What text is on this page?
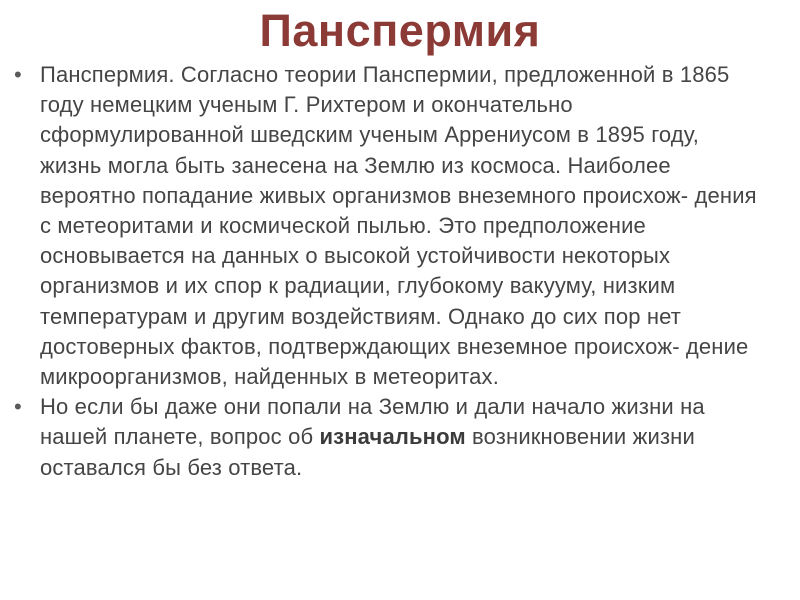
Панспермия
• Панспермия. Согласно теории Панспермии, предложенной в 1865 году немецким ученым Г. Рихтером и окончательно сформулированной шведским ученым Аррениусом в 1895 году, жизнь могла быть занесена на Землю из космоса. Наиболее вероятно попадание живых организмов внеземного происхож- дения с метеоритами и космической пылью. Это предположение основывается на данных о высокой устойчивости некоторых организмов и их спор к радиации, глубокому вакууму, низким температурам и другим воздействиям. Однако до сих пор нет достоверных фактов, подтверждающих внеземное происхож- дение микроорганизмов, найденных в метеоритах.
• Но если бы даже они попали на Землю и дали начало жизни на нашей планете, вопрос об изначальном возникновении жизни оставался бы без ответа.
